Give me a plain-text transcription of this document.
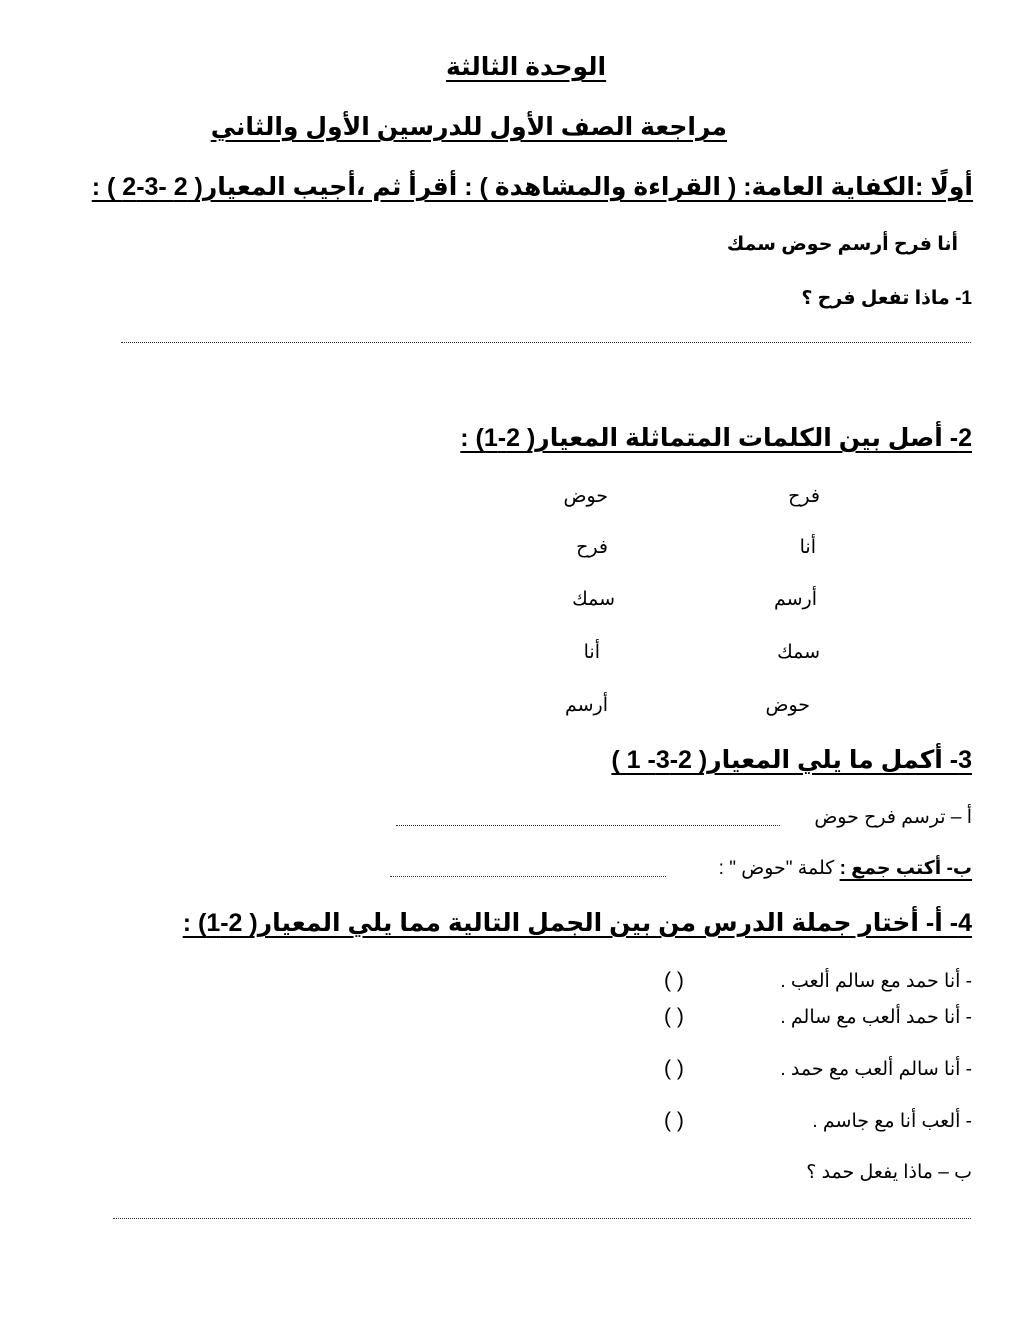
الوحدة الثالثة
مراجعة الصف الأول للدرسين الأول والثاني
أولًا :الكفاية العامة: ( القراءة والمشاهدة ) : أقرأ ثم ،أجيب المعيار( 2 -3-2 ) :
أنا فرح أرسم حوض سمك
1- ماذا تفعل فرح ؟
2- أصل بين الكلمات المتماثلة المعيار( 2-1) :
فرح
أنا
أرسم
سمك
حوض
حوض
فرح
سمك
أنا
أرسم
3- أكمل ما يلي المعيار( 2-3- 1 )
أ – ترسم فرح حوض
ب- أكتب جمع : كلمة "حوض " :
4- أ- أختار جملة الدرس من بين الجمل التالية مما يلي المعيار( 2-1) :
- أنا حمد مع سالم ألعب .
- أنا حمد ألعب مع سالم .
- أنا سالم ألعب مع حمد .
- ألعب أنا مع جاسم .
( )
( )
( )
( )
ب – ماذا يفعل حمد ؟
